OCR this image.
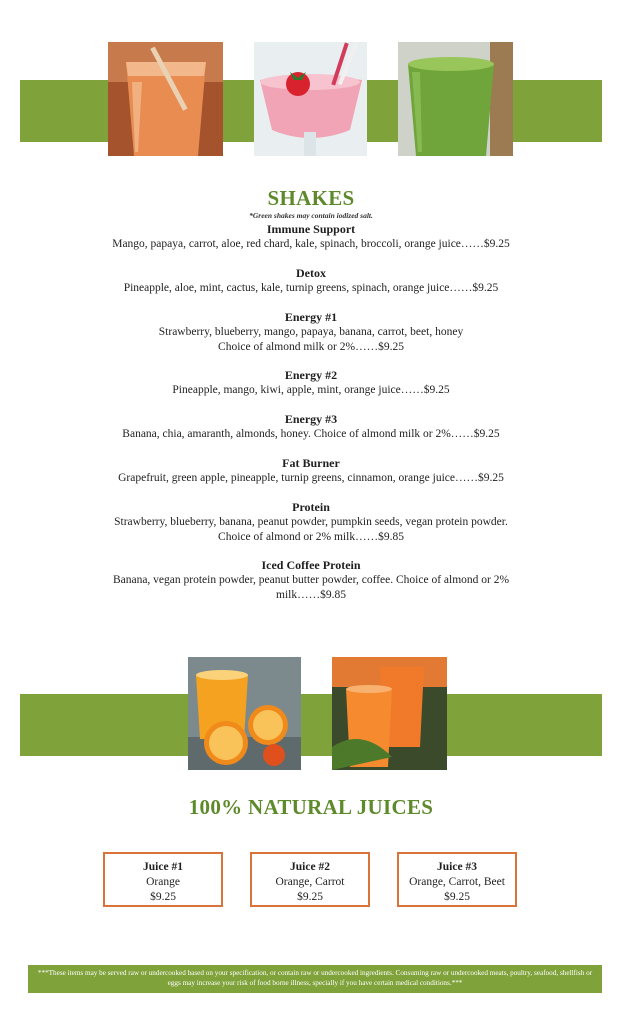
SHAKES
*Green shakes may contain iodized salt.
Immune Support
Mango, papaya, carrot, aloe, red chard, kale, spinach, broccoli, orange juice……$9.25
Detox
Pineapple, aloe, mint, cactus, kale, turnip greens, spinach, orange juice……$9.25
Energy #1
Strawberry, blueberry, mango, papaya, banana, carrot, beet, honey
Choice of almond milk or 2%……$9.25
Energy #2
Pineapple, mango, kiwi, apple, mint, orange juice……$9.25
Energy #3
Banana, chia, amaranth, almonds, honey. Choice of almond milk or 2%……$9.25
Fat Burner
Grapefruit, green apple, pineapple, turnip greens, cinnamon, orange juice……$9.25
Protein
Strawberry, blueberry, banana, peanut powder, pumpkin seeds, vegan protein powder.
Choice of almond or 2% milk……$9.85
Iced Coffee Protein
Banana, vegan protein powder, peanut butter powder, coffee. Choice of almond or 2%
milk……$9.85
100% NATURAL JUICES
Juice #1
Orange
$9.25
Juice #2
Orange, Carrot
$9.25
Juice #3
Orange, Carrot, Beet
$9.25
***These items may be served raw or undercooked based on your specification, or contain raw or undercooked ingredients. Consuming raw or undercooked meats, poultry, seafood, shellfish or eggs may increase your risk of food borne illness, specially if you have certain medical conditions.***
